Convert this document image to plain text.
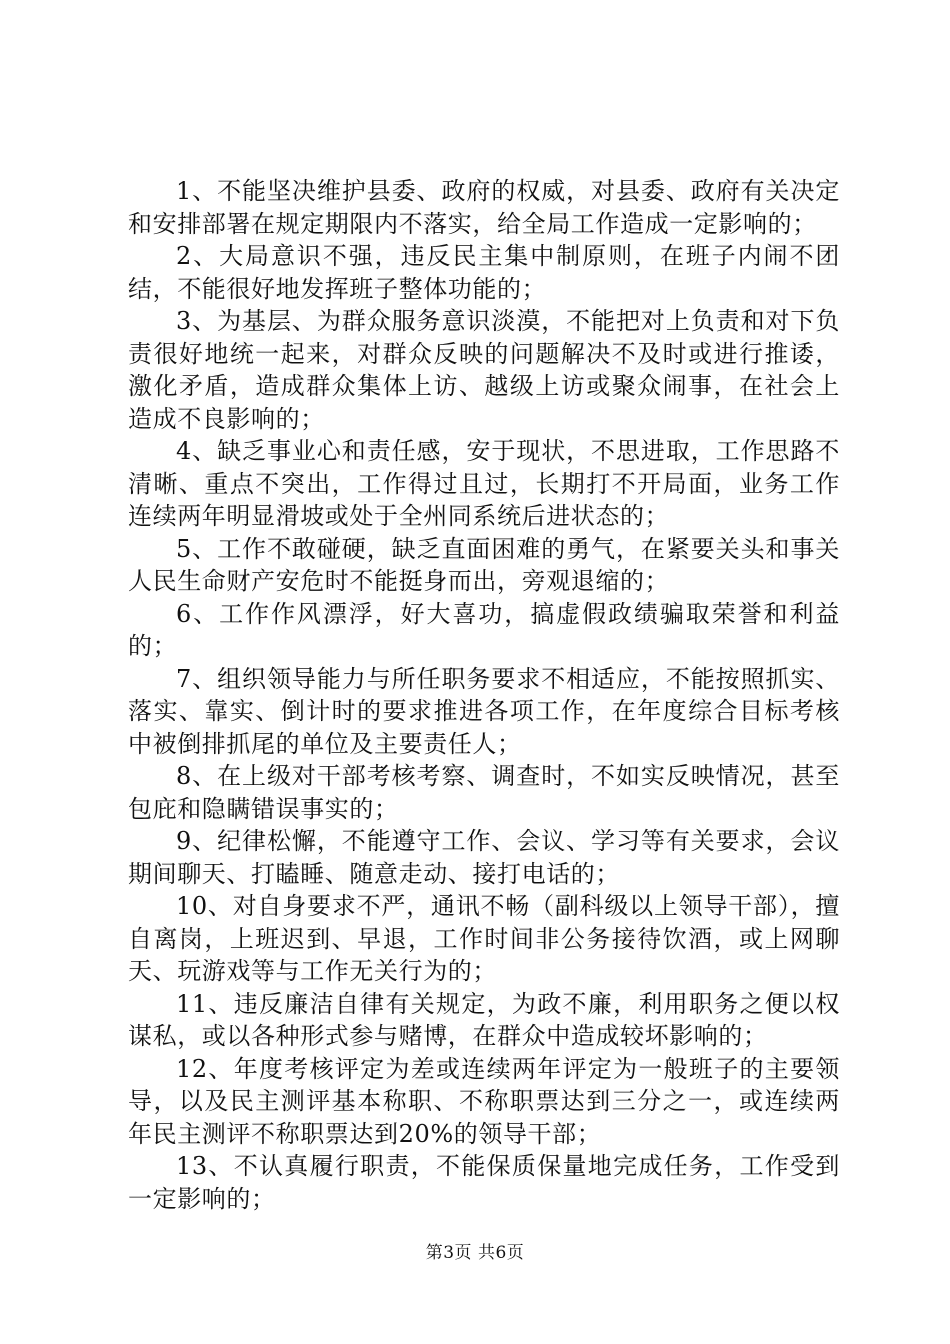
1、不能坚决维护县委、政府的权威，对县委、政府有关决定和安排部署在规定期限内不落实，给全局工作造成一定影响的；

2、大局意识不强，违反民主集中制原则，在班子内闹不团结，不能很好地发挥班子整体功能的；

3、为基层、为群众服务意识淡漠，不能把对上负责和对下负责很好地统一起来，对群众反映的问题解决不及时或进行推诿，激化矛盾，造成群众集体上访、越级上访或聚众闹事，在社会上造成不良影响的；

4、缺乏事业心和责任感，安于现状，不思进取，工作思路不清晰、重点不突出，工作得过且过，长期打不开局面，业务工作连续两年明显滑坡或处于全州同系统后进状态的；

5、工作不敢碰硬，缺乏直面困难的勇气，在紧要关头和事关人民生命财产安危时不能挺身而出，旁观退缩的；

6、工作作风漂浮，好大喜功，搞虚假政绩骗取荣誉和利益的；

7、组织领导能力与所任职务要求不相适应，不能按照抓实、落实、靠实、倒计时的要求推进各项工作，在年度综合目标考核中被倒排抓尾的单位及主要责任人；

8、在上级对干部考核考察、调查时，不如实反映情况，甚至包庇和隐瞒错误事实的；

9、纪律松懈，不能遵守工作、会议、学习等有关要求，会议期间聊天、打瞌睡、随意走动、接打电话的；

10、对自身要求不严，通讯不畅（副科级以上领导干部），擅自离岗，上班迟到、早退，工作时间非公务接待饮酒，或上网聊天、玩游戏等与工作无关行为的；

11、违反廉洁自律有关规定，为政不廉，利用职务之便以权谋私，或以各种形式参与赌博，在群众中造成较坏影响的；

12、年度考核评定为差或连续两年评定为一般班子的主要领导，以及民主测评基本称职、不称职票达到三分之一，或连续两年民主测评不称职票达到20%的领导干部；

13、不认真履行职责，不能保质保量地完成任务，工作受到一定影响的；

第3页 共6页
